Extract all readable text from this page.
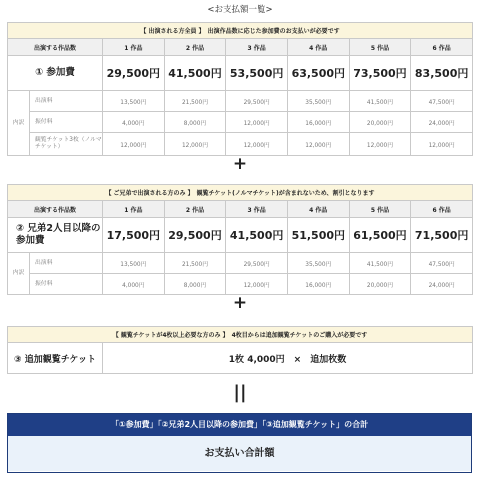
<お支払額一覧>
【 出演される方全員 】　出演作品数に応じた参加費のお支払いが必要です							
出演する作品数		1 作品	2 作品	3 作品	4 作品	5 作品	6 作品
① 参加費		29,500円	41,500円	53,500円	63,500円	73,500円	83,500円
内訳	出演料	13,500円	21,500円	29,500円	35,500円	41,500円	47,500円
	振付料	4,000円	8,000円	12,000円	16,000円	20,000円	24,000円
	観覧チケット3枚（ノルマチケット）	12,000円	12,000円	12,000円	12,000円	12,000円	12,000円
+
【 ご兄弟で出演される方のみ 】　観覧チケット(ノルマチケット)が含まれないため、割引となります							
出演する作品数		1 作品	2 作品	3 作品	4 作品	5 作品	6 作品
② 兄弟2人目以降の参加費		17,500円	29,500円	41,500円	51,500円	61,500円	71,500円
内訳	出演料	13,500円	21,500円	29,500円	35,500円	41,500円	47,500円
	振付料	4,000円	8,000円	12,000円	16,000円	20,000円	24,000円
+
【 観覧チケットが4枚以上必要な方のみ 】　4枚目からは追加観覧チケットのご購入が必要です
③ 追加観覧チケット	1枚 4,000円　×　追加枚数
||
「①参加費」「②兄弟2人目以降の参加費」「③追加観覧チケット」の合計
お支払い合計額
